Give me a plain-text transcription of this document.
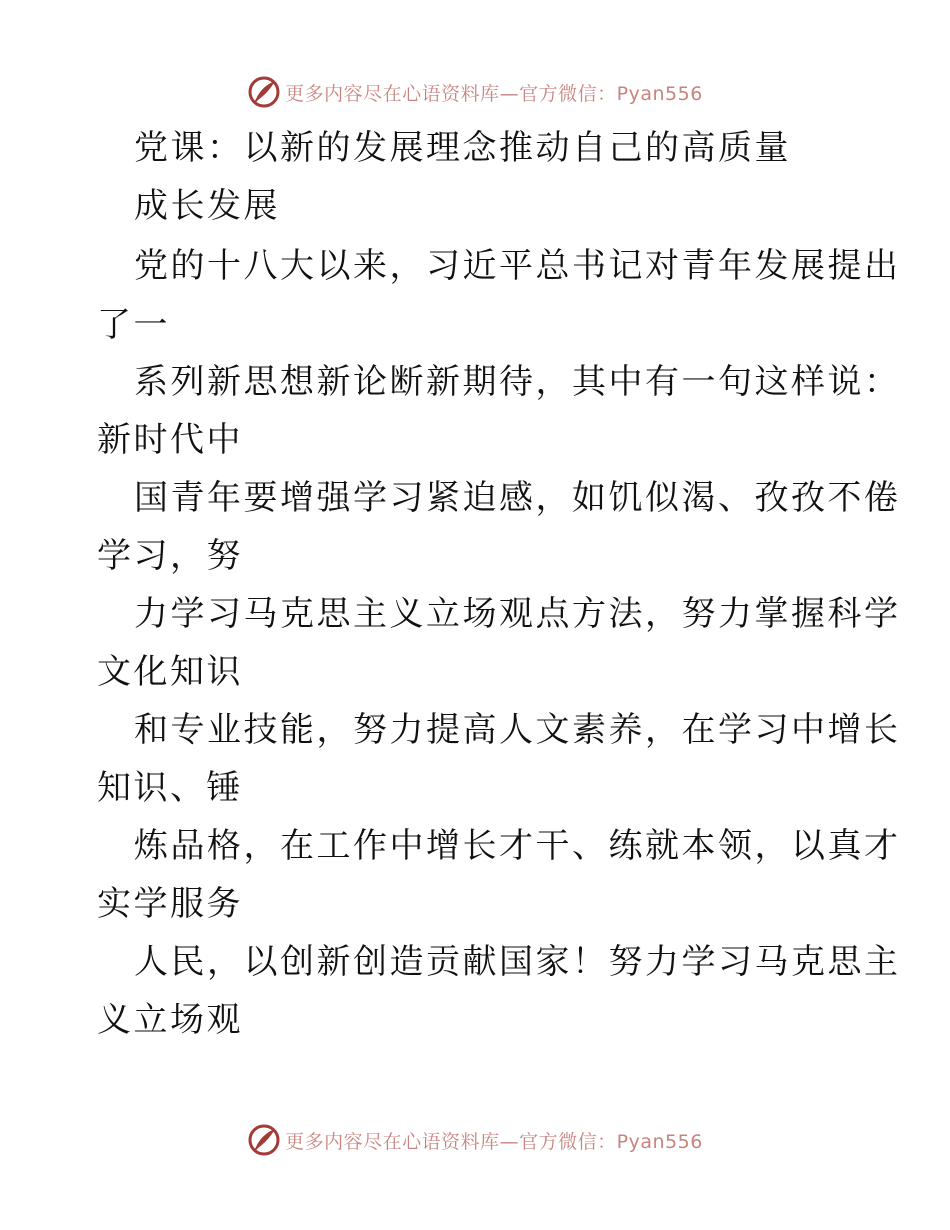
更多内容尽在心语资料库—官方微信：Pyan556
党课：以新的发展理念推动自己的高质量
成长发展
党的十八大以来，习近平总书记对青年发展提出
了一
系列新思想新论断新期待，其中有一句这样说：
新时代中
国青年要增强学习紧迫感，如饥似渴、孜孜不倦
学习，努
力学习马克思主义立场观点方法，努力掌握科学
文化知识
和专业技能，努力提高人文素养，在学习中增长
知识、锤
炼品格，在工作中增长才干、练就本领，以真才
实学服务
人民，以创新创造贡献国家！努力学习马克思主
义立场观
更多内容尽在心语资料库—官方微信：Pyan556
